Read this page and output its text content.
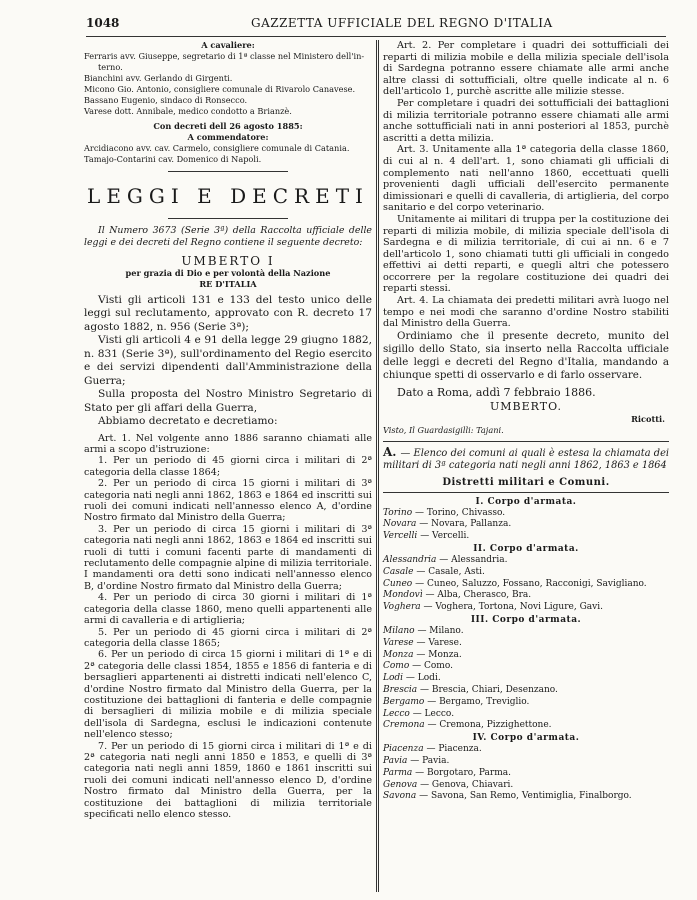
1048	GAZZETTA UFFICIALE DEL REGNO D'ITALIA
A cavaliere:
Ferraris avv. Giuseppe, segretario di 1ª classe nel Ministero dell'in-
terno.
Bianchini avv. Gerlando di Girgenti.
Micono Gio. Antonio, consigliere comunale di Rivarolo Canavese.
Bassano Eugenio, sindaco di Ronsecco.
Varese dott. Annibale, medico condotto a Brianzè.
Con decreti dell 26 agosto 1885:
A commendatore:
Arcidiacono avv. cav. Carmelo, consigliere comunale di Catania.
Tamajo-Contarini cav. Domenico di Napoli.
LEGGI E DECRETI
Il Numero 3673 (Serie 3ª) della Raccolta ufficiale delle leggi e dei decreti del Regno contiene il seguente decreto:
UMBERTO I
per grazia di Dio e per volontà della Nazione
RE D'ITALIA
Visti gli articoli 131 e 133 del testo unico delle leggi sul reclutamento, approvato con R. decreto 17 agosto 1882, n. 956 (Serie 3ª);
Visti gli articoli 4 e 91 della legge 29 giugno 1882, n. 831 (Serie 3ª), sull'ordinamento del Regio esercito e dei servizi dipendenti dall'Amministrazione della Guerra;
Sulla proposta del Nostro Ministro Segretario di Stato per gli affari della Guerra,
Abbiamo decretato e decretiamo:
Art. 1. Nel volgente anno 1886 saranno chiamati alle armi a scopo d'istruzione:
1. Per un periodo di 45 giorni circa i militari di 2ª categoria della classe 1864;
2. Per un periodo di circa 15 giorni i militari di 3ª categoria nati negli anni 1862, 1863 e 1864 ed inscritti sui ruoli dei comuni indicati nell'annesso elenco A, d'ordine Nostro firmato dal Ministro della Guerra;
3. Per un periodo di circa 15 giorni i militari di 3ª categoria nati negli anni 1862, 1863 e 1864 ed inscritti sui ruoli di tutti i comuni facenti parte di mandamenti di reclutamento delle compagnie alpine di milizia territoriale. I mandamenti ora detti sono indicati nell'annesso elenco B, d'ordine Nostro firmato dal Ministro della Guerra;
4. Per un periodo di circa 30 giorni i militari di 1ª categoria della classe 1860, meno quelli appartenenti alle armi di cavalleria e di artiglieria;
5. Per un periodo di 45 giorni circa i militari di 2ª categoria della classe 1865;
6. Per un periodo di circa 15 giorni i militari di 1ª e di 2ª categoria delle classi 1854, 1855 e 1856 di fanteria e di bersaglieri appartenenti ai distretti indicati nell'elenco C, d'ordine Nostro firmato dal Ministro della Guerra, per la costituzione dei battaglioni di fanteria e delle compagnie di bersaglieri di milizia mobile e di milizia speciale dell'isola di Sardegna, esclusi le indicazioni contenute nell'elenco stesso;
7. Per un periodo di 15 giorni circa i militari di 1ª e di 2ª categoria nati negli anni 1850 e 1853, e quelli di 3ª categoria nati negli anni 1859, 1860 e 1861 inscritti sui ruoli dei comuni indicati nell'annesso elenco D, d'ordine Nostro firmato dal Ministro della Guerra, per la costituzione dei battaglioni di milizia territoriale specificati nello elenco stesso.
Art. 2. Per completare i quadri dei sottufficiali dei reparti di milizia mobile e della milizia speciale dell'isola di Sardegna potranno essere chiamate alle armi anche altre classi di sottufficiali, oltre quelle indicate al n. 6 dell'articolo 1, purchè ascritte alle milizie stesse.
Per completare i quadri dei sottufficiali dei battaglioni di milizia territoriale potranno essere chiamati alle armi anche sottufficiali nati in anni posteriori al 1853, purchè ascritti a detta milizia.
Art. 3. Unitamente alla 1ª categoria della classe 1860, di cui al n. 4 dell'art. 1, sono chiamati gli ufficiali di complemento nati nell'anno 1860, eccettuati quelli provenienti dagli ufficiali dell'esercito permanente dimissionari e quelli di cavalleria, di artiglieria, del corpo sanitario e del corpo veterinario.
Unitamente ai militari di truppa per la costituzione dei reparti di milizia mobile, di milizia speciale dell'isola di Sardegna e di milizia territoriale, di cui ai nn. 6 e 7 dell'articolo 1, sono chiamati tutti gli ufficiali in congedo effettivi ai detti reparti, e quegli altri che potessero occorrere per la regolare costituzione dei quadri dei reparti stessi.
Art. 4. La chiamata dei predetti militari avrà luogo nel tempo e nei modi che saranno d'ordine Nostro stabiliti dal Ministro della Guerra.
Ordiniamo che il presente decreto, munito del sigillo dello Stato, sia inserto nella Raccolta ufficiale delle leggi e decreti del Regno d'Italia, mandando a chiunque spetti di osservarlo e di farlo osservare.
Dato a Roma, addì 7 febbraio 1886.
UMBERTO.
Ricotti.
Visto, Il Guardasigilli: Tajani.
A. — Elenco dei comuni ai quali è estesa la chiamata dei militari di 3ª categoria nati negli anni 1862, 1863 e 1864
Distretti militari e Comuni.
I. Corpo d'armata.
Torino — Torino, Chivasso.
Novara — Novara, Pallanza.
Vercelli — Vercelli.
II. Corpo d'armata.
Alessandria — Alessandria.
Casale — Casale, Asti.
Cuneo — Cuneo, Saluzzo, Fossano, Racconigi, Savigliano.
Mondovì — Alba, Cherasco, Bra.
Voghera — Voghera, Tortona, Novi Ligure, Gavi.
III. Corpo d'armata.
Milano — Milano.
Varese — Varese.
Monza — Monza.
Como — Como.
Lodi — Lodi.
Brescia — Brescia, Chiari, Desenzano.
Bergamo — Bergamo, Treviglio.
Lecco — Lecco.
Cremona — Cremona, Pizzighettone.
IV. Corpo d'armata.
Piacenza — Piacenza.
Pavia — Pavia.
Parma — Borgotaro, Parma.
Genova — Genova, Chiavari.
Savona — Savona, San Remo, Ventimiglia, Finalborgo.
